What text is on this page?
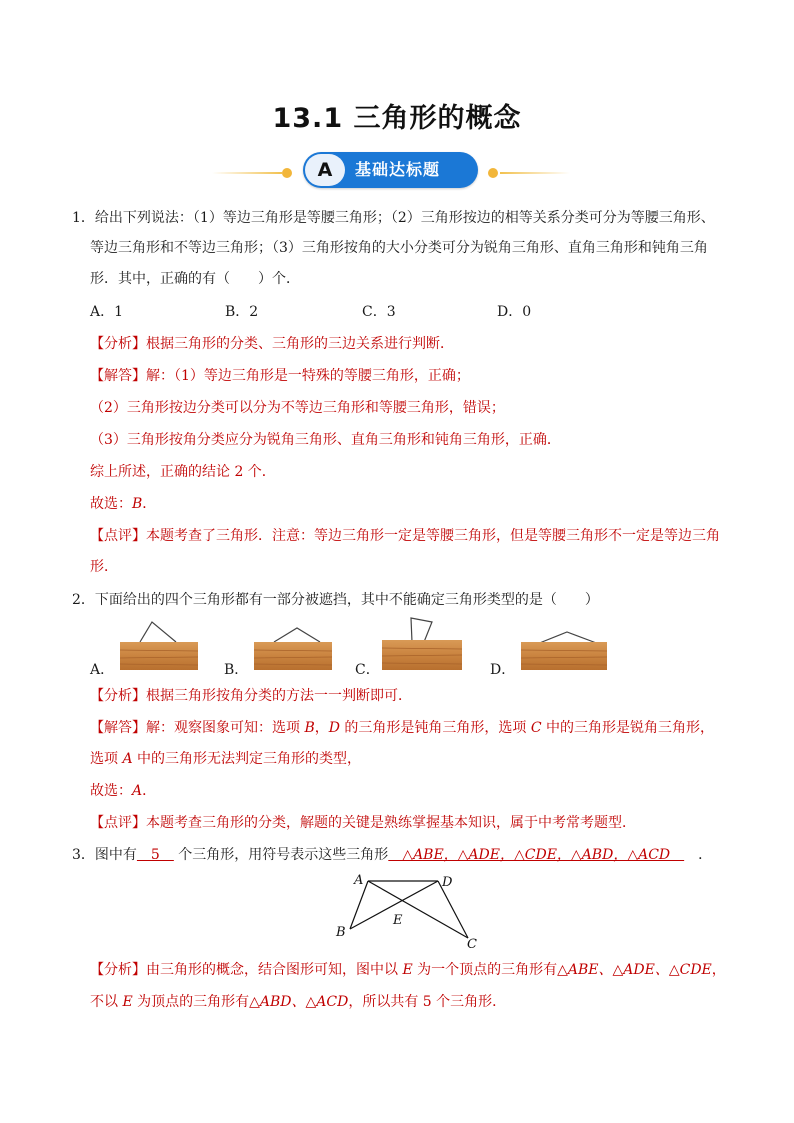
13.1 三角形的概念
A	基础达标题
1．给出下列说法：（1）等边三角形是等腰三角形；（2）三角形按边的相等关系分类可分为等腰三角形、
等边三角形和不等边三角形；（3）三角形按角的大小分类可分为锐角三角形、直角三角形和钝角三角
形．其中，正确的有（　　）个．
A．1	B．2	C．3	D．0
【分析】根据三角形的分类、三角形的三边关系进行判断．
【解答】解：（1）等边三角形是一特殊的等腰三角形，正确；
（2）三角形按边分类可以分为不等边三角形和等腰三角形，错误；
（3）三角形按角分类应分为锐角三角形、直角三角形和钝角三角形，正确．
综上所述，正确的结论 2 个．
故选：B．
【点评】本题考查了三角形．注意：等边三角形一定是等腰三角形，但是等腰三角形不一定是等边三角
形．
2．下面给出的四个三角形都有一部分被遮挡，其中不能确定三角形类型的是（　　）
A．	B．	C．	D．
【分析】根据三角形按角分类的方法一一判断即可．
【解答】解：观察图象可知：选项 B，D 的三角形是钝角三角形，选项 C 中的三角形是锐角三角形，
选项 A 中的三角形无法判定三角形的类型，
故选：A．
【点评】本题考查三角形的分类，解题的关键是熟练掌握基本知识，属于中考常考题型．
3．图中有　5　 个三角形，用符号表示这些三角形　△ABE，△ADE，△CDE，△ABD，△ACD　　．
A	D
E
B
C
【分析】由三角形的概念，结合图形可知，图中以 E 为一个顶点的三角形有△ABE、△ADE、△CDE，
不以 E 为顶点的三角形有△ABD、△ACD，所以共有 5 个三角形．
